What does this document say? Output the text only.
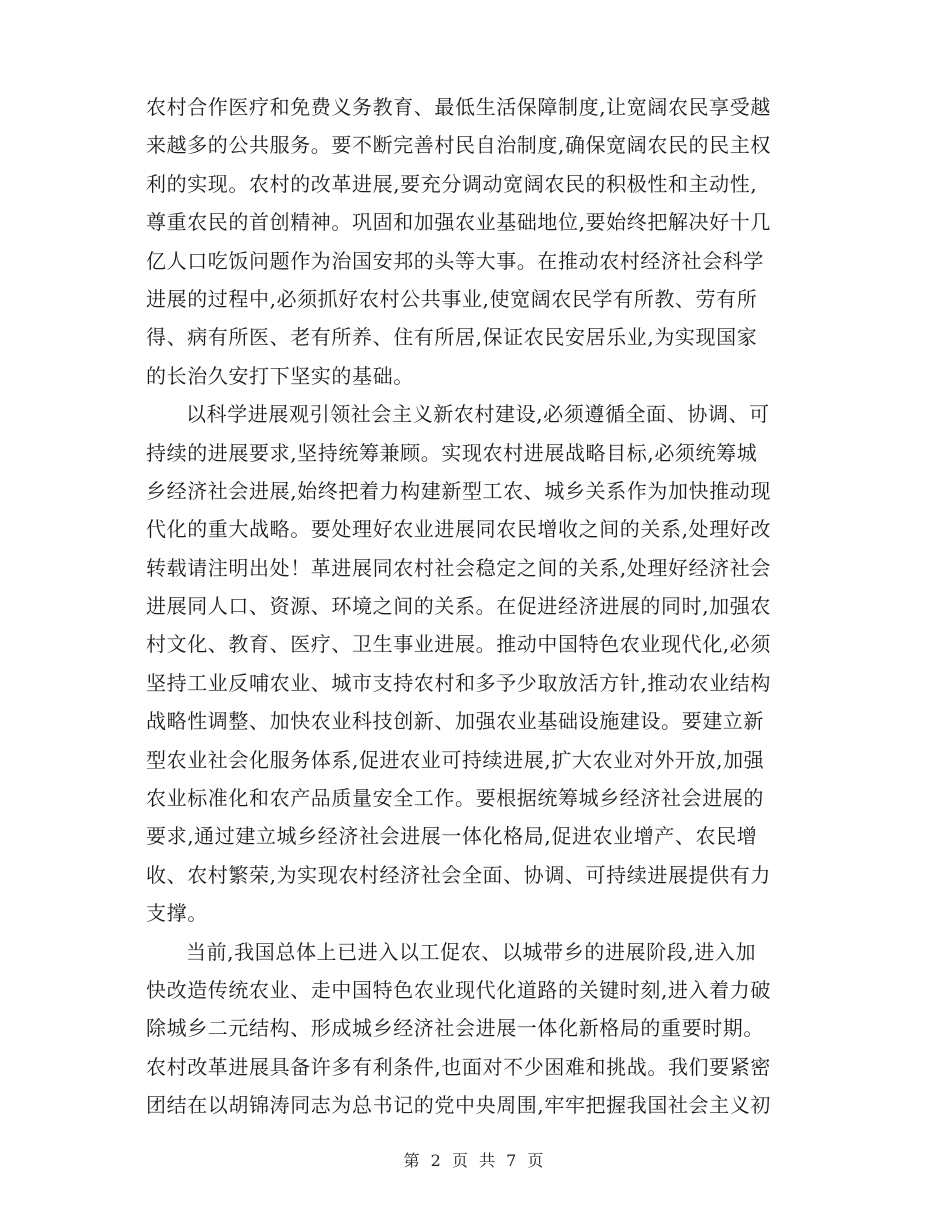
农村合作医疗和免费义务教育、最低生活保障制度,让宽阔农民享受越
来越多的公共服务。要不断完善村民自治制度,确保宽阔农民的民主权
利的实现。农村的改革进展,要充分调动宽阔农民的积极性和主动性,
尊重农民的首创精神。巩固和加强农业基础地位,要始终把解决好十几
亿人口吃饭问题作为治国安邦的头等大事。在推动农村经济社会科学
进展的过程中,必须抓好农村公共事业,使宽阔农民学有所教、劳有所
得、病有所医、老有所养、住有所居,保证农民安居乐业,为实现国家
的长治久安打下坚实的基础。
以科学进展观引领社会主义新农村建设,必须遵循全面、协调、可
持续的进展要求,坚持统筹兼顾。实现农村进展战略目标,必须统筹城
乡经济社会进展,始终把着力构建新型工农、城乡关系作为加快推动现
代化的重大战略。要处理好农业进展同农民增收之间的关系,处理好改
转载请注明出处！革进展同农村社会稳定之间的关系,处理好经济社会
进展同人口、资源、环境之间的关系。在促进经济进展的同时,加强农
村文化、教育、医疗、卫生事业进展。推动中国特色农业现代化,必须
坚持工业反哺农业、城市支持农村和多予少取放活方针,推动农业结构
战略性调整、加快农业科技创新、加强农业基础设施建设。要建立新
型农业社会化服务体系,促进农业可持续进展,扩大农业对外开放,加强
农业标准化和农产品质量安全工作。要根据统筹城乡经济社会进展的
要求,通过建立城乡经济社会进展一体化格局,促进农业增产、农民增
收、农村繁荣,为实现农村经济社会全面、协调、可持续进展提供有力
支撑。
当前,我国总体上已进入以工促农、以城带乡的进展阶段,进入加
快改造传统农业、走中国特色农业现代化道路的关键时刻,进入着力破
除城乡二元结构、形成城乡经济社会进展一体化新格局的重要时期。
农村改革进展具备许多有利条件,也面对不少困难和挑战。我们要紧密
团结在以胡锦涛同志为总书记的党中央周围,牢牢把握我国社会主义初
第 2 页 共 7 页
